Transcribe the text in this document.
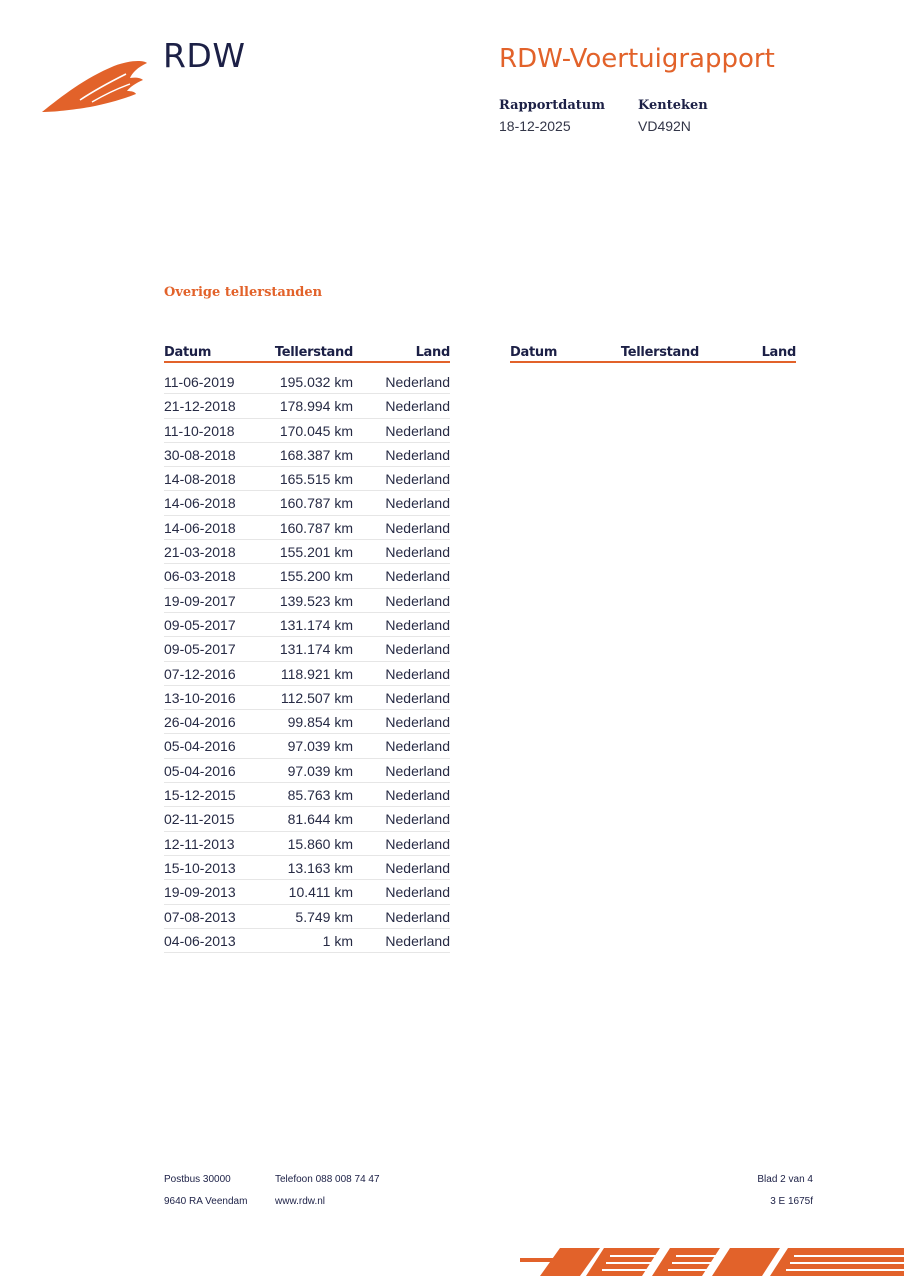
RDW	RDW-Voertuigrapport
Rapportdatum
18-12-2025
Kenteken
VD492N
Overige tellerstanden
Datum	Tellerstand	Land
11-06-2019	195.032 km Nederland
21-12-2018	178.994 km Nederland
11-10-2018	170.045 km Nederland
30-08-2018	168.387 km Nederland
14-08-2018	165.515 km Nederland
14-06-2018	160.787 km Nederland
14-06-2018	160.787 km Nederland
21-03-2018	155.201 km Nederland
06-03-2018	155.200 km Nederland
19-09-2017	139.523 km Nederland
09-05-2017	131.174 km Nederland
09-05-2017	131.174 km Nederland
07-12-2016	118.921 km Nederland
13-10-2016	112.507 km Nederland
26-04-2016	99.854 km Nederland
05-04-2016	97.039 km Nederland
05-04-2016	97.039 km Nederland
15-12-2015	85.763 km Nederland
02-11-2015	81.644 km Nederland
12-11-2013	15.860 km Nederland
15-10-2013	13.163 km Nederland
19-09-2013	10.411 km Nederland
07-08-2013	5.749 km Nederland
04-06-2013	1 km Nederland
Datum	Tellerstand	Land
Postbus 30000
9640 RA Veendam
Telefoon 088 008 74 47
www.rdw.nl
Blad 2 van 4
3 E 1675f
